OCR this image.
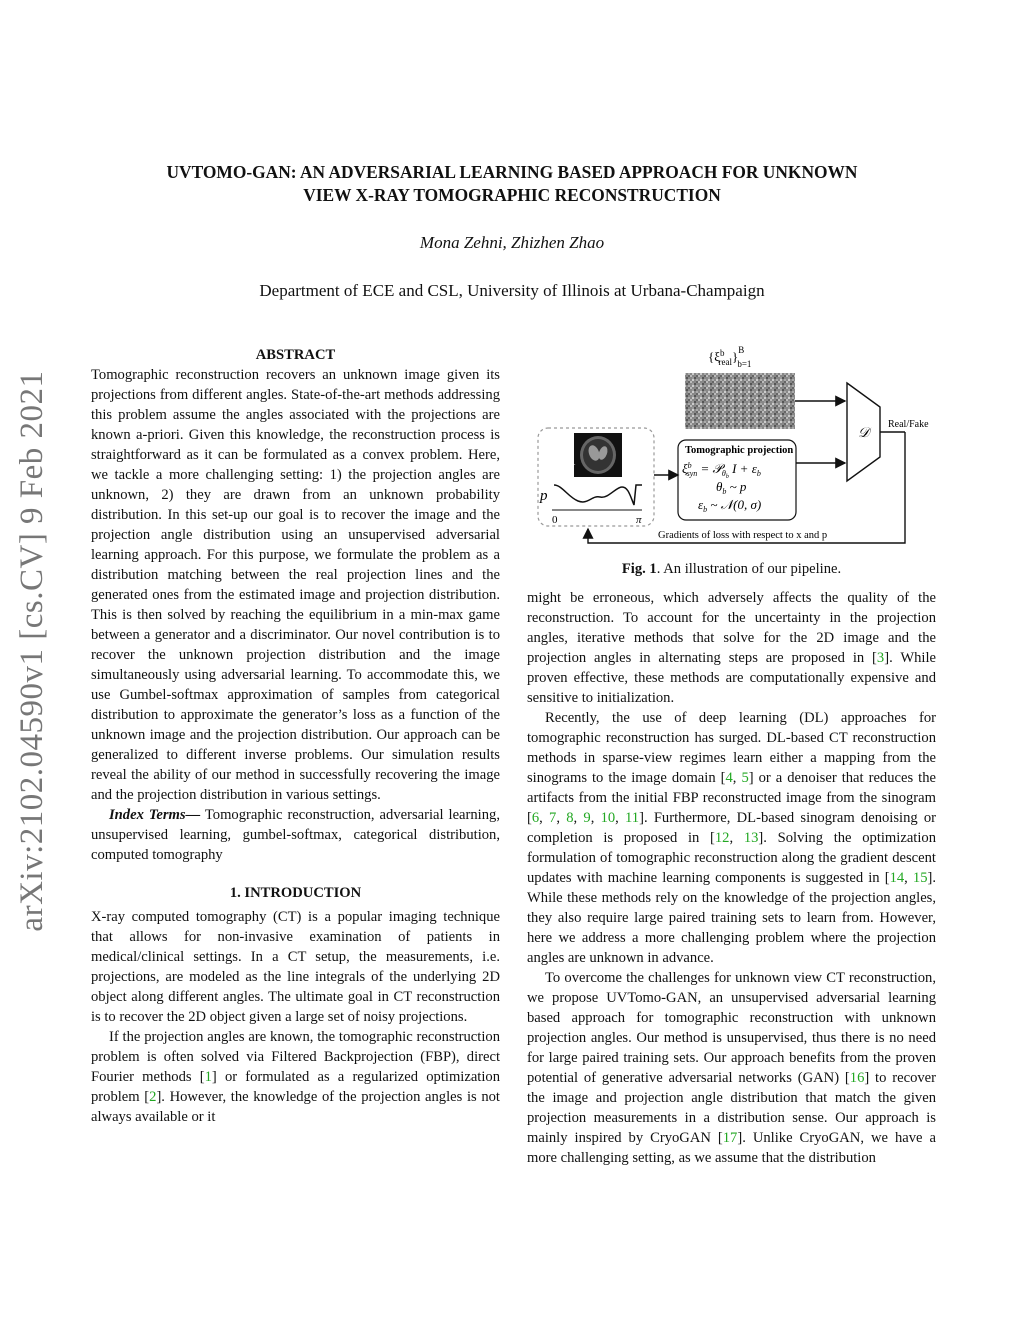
arXiv:2102.04590v1 [cs.CV] 9 Feb 2021
UVTOMO-GAN: AN ADVERSARIAL LEARNING BASED APPROACH FOR UNKNOWN
VIEW X-RAY TOMOGRAPHIC RECONSTRUCTION
Mona Zehni, Zhizhen Zhao
Department of ECE and CSL, University of Illinois at Urbana-Champaign

ABSTRACT

Tomographic reconstruction recovers an unknown image given its projections from different angles. State-of-the-art methods addressing this problem assume the angles associated with the projections are known a-priori. Given this knowledge, the reconstruction process is straightforward as it can be formulated as a convex problem. Here, we tackle a more challenging setting: 1) the projection angles are unknown, 2) they are drawn from an unknown probability distribution. In this set-up our goal is to recover the image and the projection angle distribution using an unsupervised adversarial learning approach. For this purpose, we formulate the problem as a distribution matching between the real projection lines and the generated ones from the estimated image and projection distribution. This is then solved by reaching the equilibrium in a min-max game between a generator and a discriminator. Our novel contribution is to recover the unknown projection distribution and the image simultaneously using adversarial learning. To accommodate this, we use Gumbel-softmax approximation of samples from categorical distribution to approximate the generator’s loss as a function of the unknown image and the projection distribution. Our approach can be generalized to different inverse problems. Our simulation results reveal the ability of our method in successfully recovering the image and the projection distribution in various settings.

Index Terms— Tomographic reconstruction, adversarial learning, unsupervised learning, gumbel-softmax, categorical distribution, computed tomography

1. INTRODUCTION

X-ray computed tomography (CT) is a popular imaging technique that allows for non-invasive examination of patients in medical/clinical settings. In a CT setup, the measurements, i.e. projections, are modeled as the line integrals of the underlying 2D object along different angles. The ultimate goal in CT reconstruction is to recover the 2D object given a large set of noisy projections.

If the projection angles are known, the tomographic reconstruction problem is often solved via Filtered Backprojection (FBP), direct Fourier methods [1] or formulated as a regularized optimization problem [2]. However, the knowledge of the projection angles is not always available or it

{$\xi^b$ real}$^B$ b=1
I
p
0	π
Tomographic projection
$\xi^b$ syn = 𝒫$_\theta$b $I + \varepsilon_b$
$\theta_b$ ~ p
$\varepsilon_b$ ~ 𝒩(0, σ)
𝒟
Real/Fake
Gradients of loss with respect to x and p
Fig. 1. An illustration of our pipeline.

might be erroneous, which adversely affects the quality of the reconstruction. To account for the uncertainty in the projection angles, iterative methods that solve for the 2D image and the projection angles in alternating steps are proposed in [3]. While proven effective, these methods are computationally expensive and sensitive to initialization.

Recently, the use of deep learning (DL) approaches for tomographic reconstruction has surged. DL-based CT reconstruction methods in sparse-view regimes learn either a mapping from the sinograms to the image domain [4, 5] or a denoiser that reduces the artifacts from the initial FBP reconstructed image from the sinogram [6, 7, 8, 9, 10, 11]. Furthermore, DL-based sinogram denoising or completion is proposed in [12, 13]. Solving the optimization formulation of tomographic reconstruction along the gradient descent updates with machine learning components is suggested in [14, 15]. While these methods rely on the knowledge of the projection angles, they also require large paired training sets to learn from. However, here we address a more challenging problem where the projection angles are unknown in advance.

To overcome the challenges for unknown view CT reconstruction, we propose UVTomo-GAN, an unsupervised adversarial learning based approach for tomographic reconstruction with unknown projection angles. Our method is unsupervised, thus there is no need for large paired training sets. Our approach benefits from the proven potential of generative adversarial networks (GAN) [16] to recover the image and projection angle distribution that match the given projection measurements in a distribution sense. Our approach is mainly inspired by CryoGAN [17]. Unlike CryoGAN, we have a more challenging setting, as we assume that the distribution
